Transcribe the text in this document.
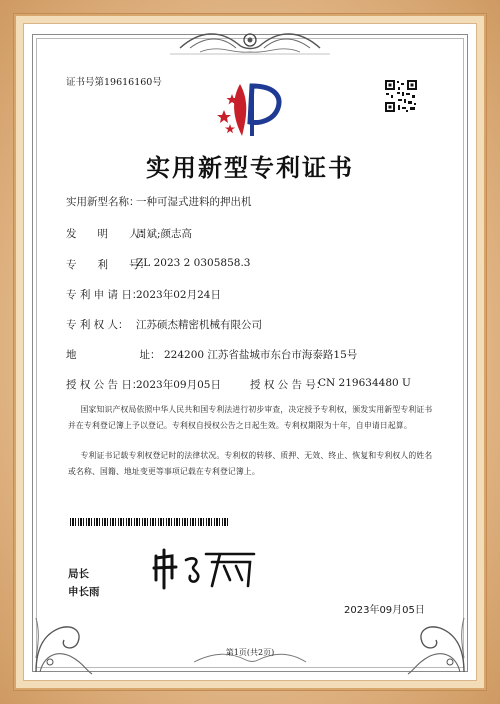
证书号第19616160号
实用新型专利证书
实用新型名称：
一种可湿式进料的押出机
发　　明　　人：
周斌;颜志高
专　　利　　号：
ZL 2023 2 0305858.3
专 利 申 请 日：
2023年02月24日
专 利 权 人： 江苏硕杰精密机械有限公司
地　　　　　　址： 224200 江苏省盐城市东台市海泰路15号
授 权 公 告 日：
2023年09月05日	授 权 公 告 号：
CN 219634480 U
国家知识产权局依照中华人民共和国专利法进行初步审查，决定授予专利权，颁发实用新型专利证书并在专利登记簿上予以登记。专利权自授权公告之日起生效。专利权期限为十年，自申请日起算。
专利证书记载专利权登记时的法律状况。专利权的转移、质押、无效、终止、恢复和专利权人的姓名或名称、国籍、地址变更等事项记载在专利登记簿上。
局长
申长雨
2023年09月05日
第1页(共2页)
